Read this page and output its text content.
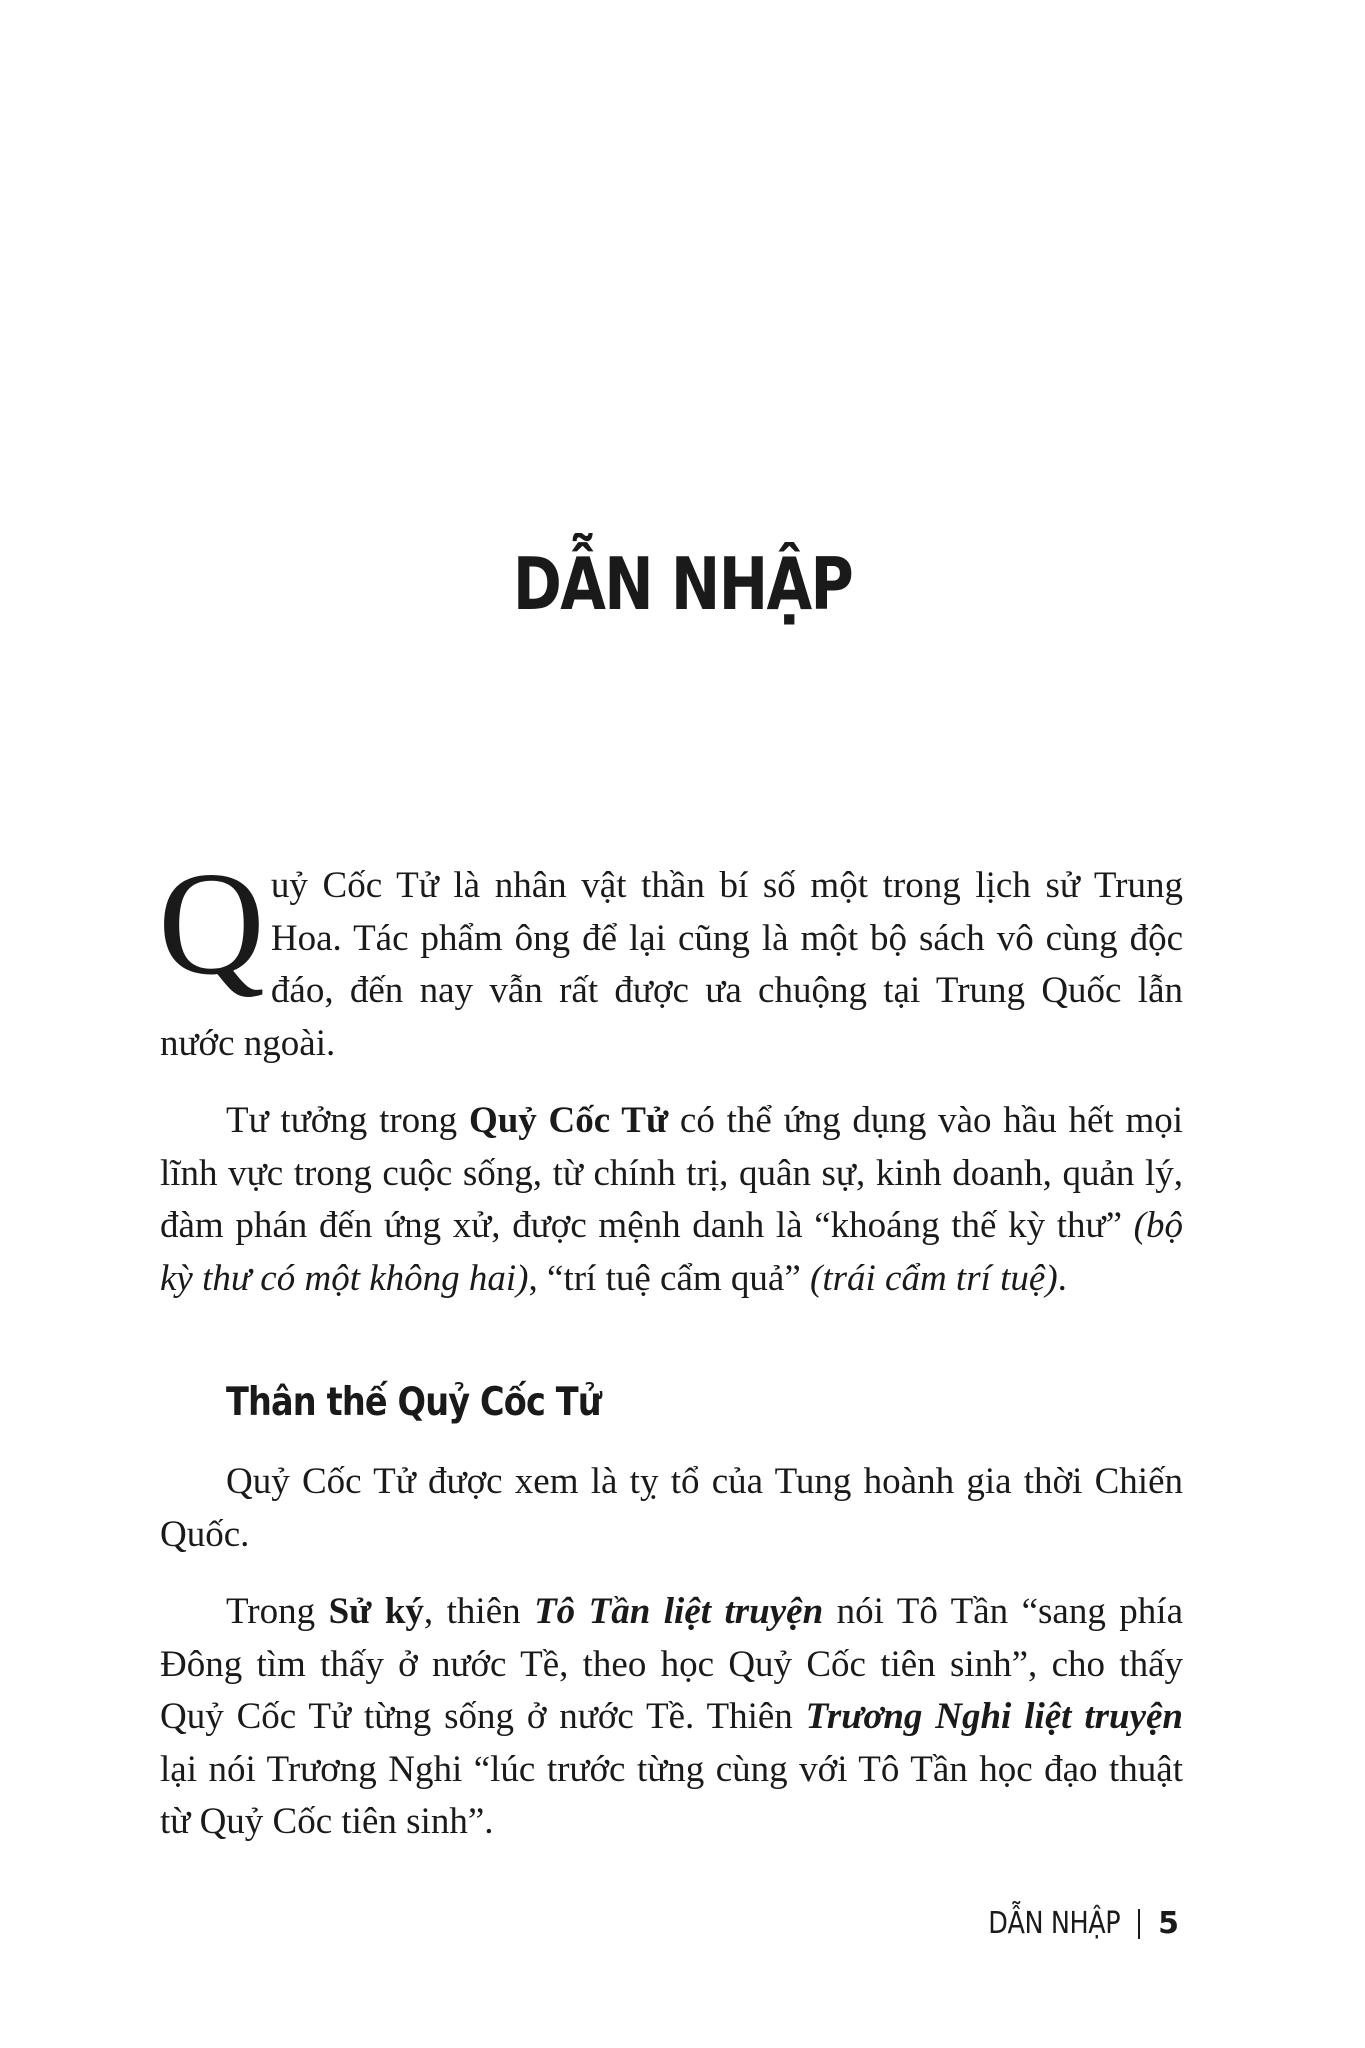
DẪN NHẬP

Quỷ Cốc Tử là nhân vật thần bí số một trong lịch sử Trung Hoa. Tác phẩm ông để lại cũng là một bộ sách vô cùng độc đáo, đến nay vẫn rất được ưa chuộng tại Trung Quốc lẫn nước ngoài.

Tư tưởng trong Quỷ Cốc Tử có thể ứng dụng vào hầu hết mọi lĩnh vực trong cuộc sống, từ chính trị, quân sự, kinh doanh, quản lý, đàm phán đến ứng xử, được mệnh danh là “khoáng thế kỳ thư” (bộ kỳ thư có một không hai), “trí tuệ cẩm quả” (trái cẩm trí tuệ).

Thân thế Quỷ Cốc Tử

Quỷ Cốc Tử được xem là tỵ tổ của Tung hoành gia thời Chiến Quốc.

Trong Sử ký, thiên Tô Tần liệt truyện nói Tô Tần “sang phía Đông tìm thấy ở nước Tề, theo học Quỷ Cốc tiên sinh”, cho thấy Quỷ Cốc Tử từng sống ở nước Tề. Thiên Trương Nghi liệt truyện lại nói Trương Nghi “lúc trước từng cùng với Tô Tần học đạo thuật từ Quỷ Cốc tiên sinh”.

DẪN NHẬP 5
